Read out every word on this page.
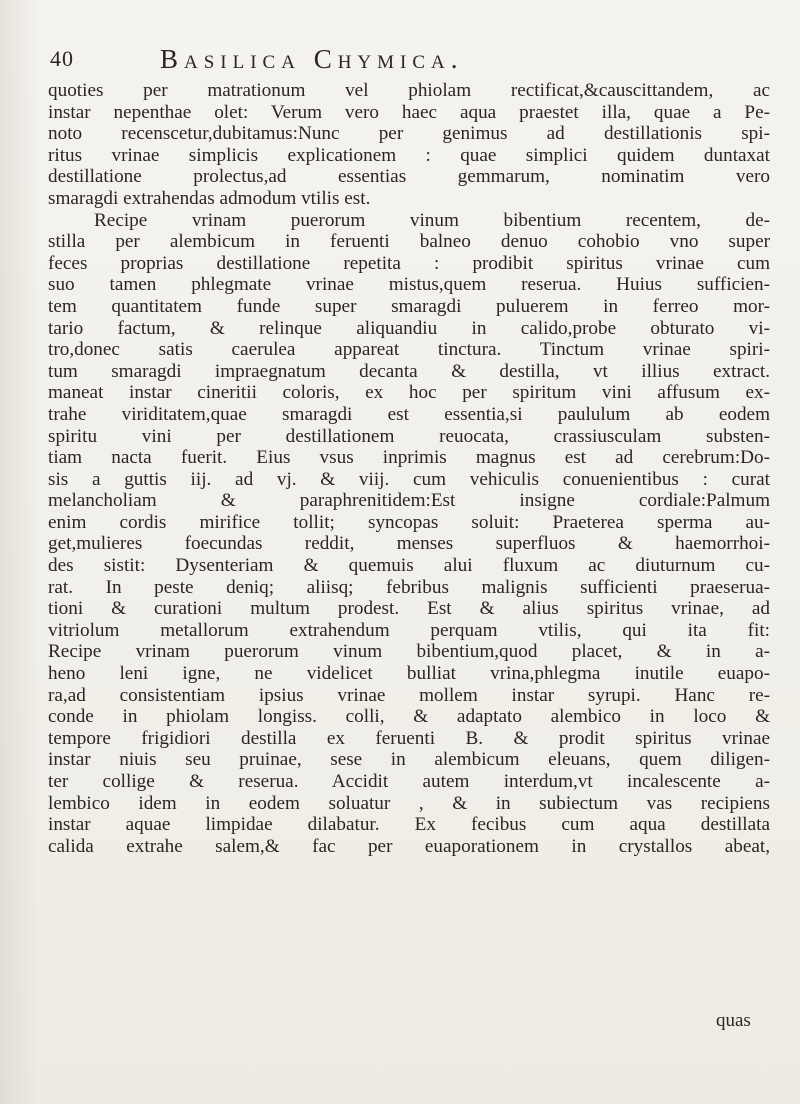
40	Basilica Chymica.
quoties per matrationum vel phiolam rectificat,&causcittandem, ac
instar nepenthae olet: Verum vero haec aqua praestet illa, quae a Pe-
noto recenscetur,dubitamus:Nunc per genimus ad destillationis spi-
ritus vrinae simplicis explicationem : quae simplici quidem duntaxat
destillatione prolectus,ad essentias gemmarum, nominatim vero
smaragdi extrahendas admodum vtilis est.
Recipe vrinam puerorum vinum bibentium recentem, de-
stilla per alembicum in feruenti balneo denuo cohobio vno super
feces proprias destillatione repetita : prodibit spiritus vrinae cum
suo tamen phlegmate vrinae mistus,quem reserua. Huius sufficien-
tem quantitatem funde super smaragdi puluerem in ferreo mor-
tario factum, & relinque aliquandiu in calido,probe obturato vi-
tro,donec satis caerulea appareat tinctura. Tinctum vrinae spiri-
tum smaragdi impraegnatum decanta & destilla, vt illius extract.
maneat instar cineritii coloris, ex hoc per spiritum vini affusum ex-
trahe viriditatem,quae smaragdi est essentia,si paululum ab eodem
spiritu vini per destillationem reuocata, crassiusculam substen-
tiam nacta fuerit. Eius vsus inprimis magnus est ad cerebrum:Do-
sis a guttis iij. ad vj. & viij. cum vehiculis conuenientibus : curat
melancholiam & paraphrenitidem:Est insigne cordiale:Palmum
enim cordis mirifice tollit; syncopas soluit: Praeterea sperma au-
get,mulieres foecundas reddit, menses superfluos & haemorrhoi-
des sistit: Dysenteriam & quemuis alui fluxum ac diuturnum cu-
rat. In peste deniq; aliisq; febribus malignis sufficienti praeserua-
tioni & curationi multum prodest. Est & alius spiritus vrinae, ad
vitriolum metallorum extrahendum perquam vtilis, qui ita fit:
Recipe vrinam puerorum vinum bibentium,quod placet, & in a-
heno leni igne, ne videlicet bulliat vrina,phlegma inutile euapo-
ra,ad consistentiam ipsius vrinae mollem instar syrupi. Hanc re-
conde in phiolam longiss. colli, & adaptato alembico in loco &
tempore frigidiori destilla ex feruenti B. & prodit spiritus vrinae
instar niuis seu pruinae, sese in alembicum eleuans, quem diligen-
ter collige & reserua. Accidit autem interdum,vt incalescente a-
lembico idem in eodem soluatur , & in subiectum vas recipiens
instar aquae limpidae dilabatur. Ex fecibus cum aqua destillata
calida extrahe salem,& fac per euaporationem in crystallos abeat,
quas
